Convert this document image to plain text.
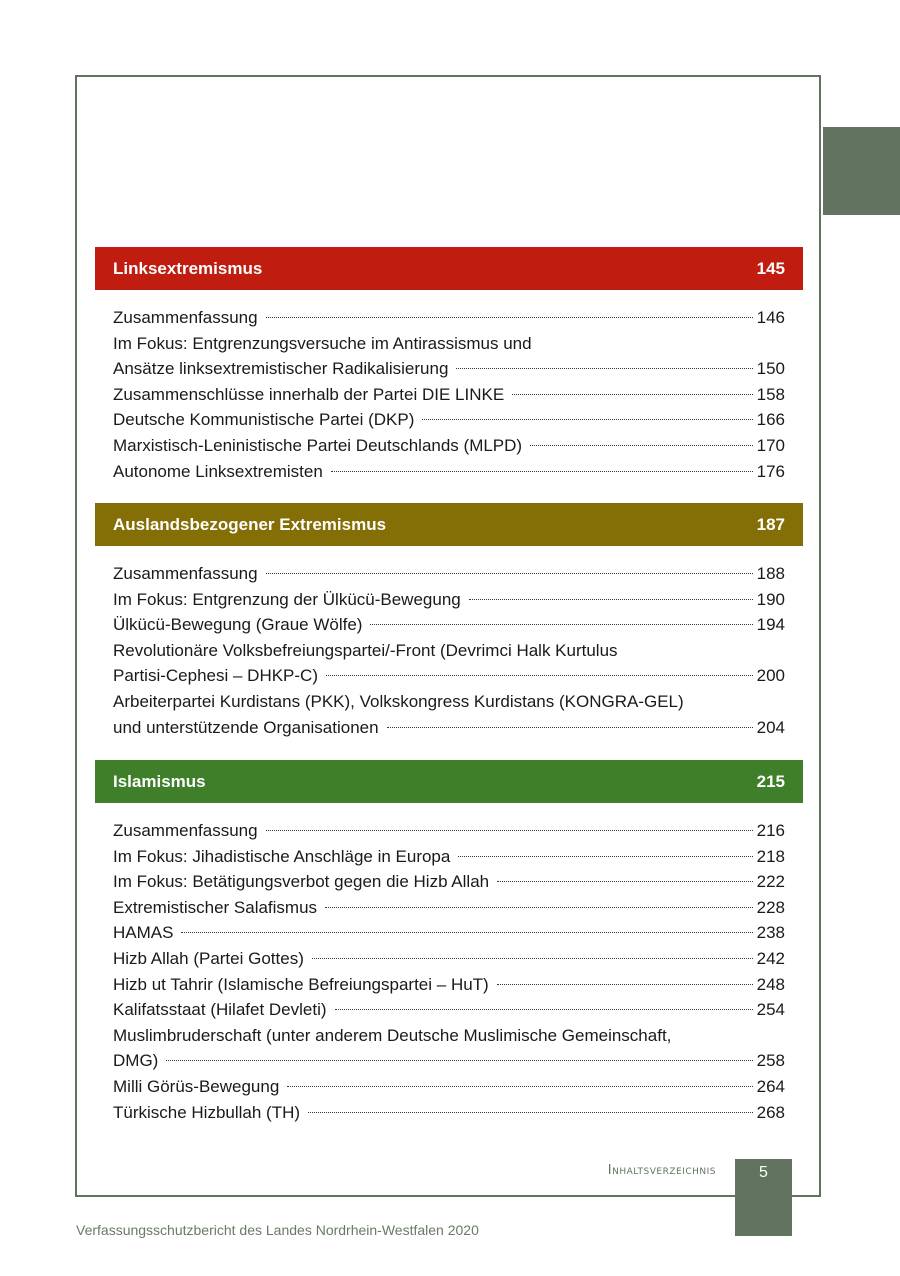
Linksextremismus	145
Zusammenfassung	146
Im Fokus: Entgrenzungsversuche im Antirassismus und
Ansätze linksextremistischer Radikalisierung	150
Zusammenschlüsse innerhalb der Partei DIE LINKE	158
Deutsche Kommunistische Partei (DKP)	166
Marxistisch-Leninistische Partei Deutschlands (MLPD)	170
Autonome Linksextremisten	176
Auslandsbezogener Extremismus	187
Zusammenfassung	188
Im Fokus: Entgrenzung der Ülkücü-Bewegung	190
Ülkücü-Bewegung (Graue Wölfe)	194
Revolutionäre Volksbefreiungspartei/-Front (Devrimci Halk Kurtulus
Partisi-Cephesi – DHKP-C)	200
Arbeiterpartei Kurdistans (PKK), Volkskongress Kurdistans (KONGRA-GEL)
und unterstützende Organisationen	204
Islamismus	215
Zusammenfassung	216
Im Fokus: Jihadistische Anschläge in Europa	218
Im Fokus: Betätigungsverbot gegen die Hizb Allah	222
Extremistischer Salafismus	228
HAMAS	238
Hizb Allah (Partei Gottes)	242
Hizb ut Tahrir (Islamische Befreiungspartei – HuT)	248
Kalifatsstaat (Hilafet Devleti)	254
Muslimbruderschaft (unter anderem Deutsche Muslimische Gemeinschaft,
DMG)	258
Milli Görüs-Bewegung	264
Türkische Hizbullah (TH)	268
Inhaltsverzeichnis	5
Verfassungsschutzbericht des Landes Nordrhein-Westfalen 2020
